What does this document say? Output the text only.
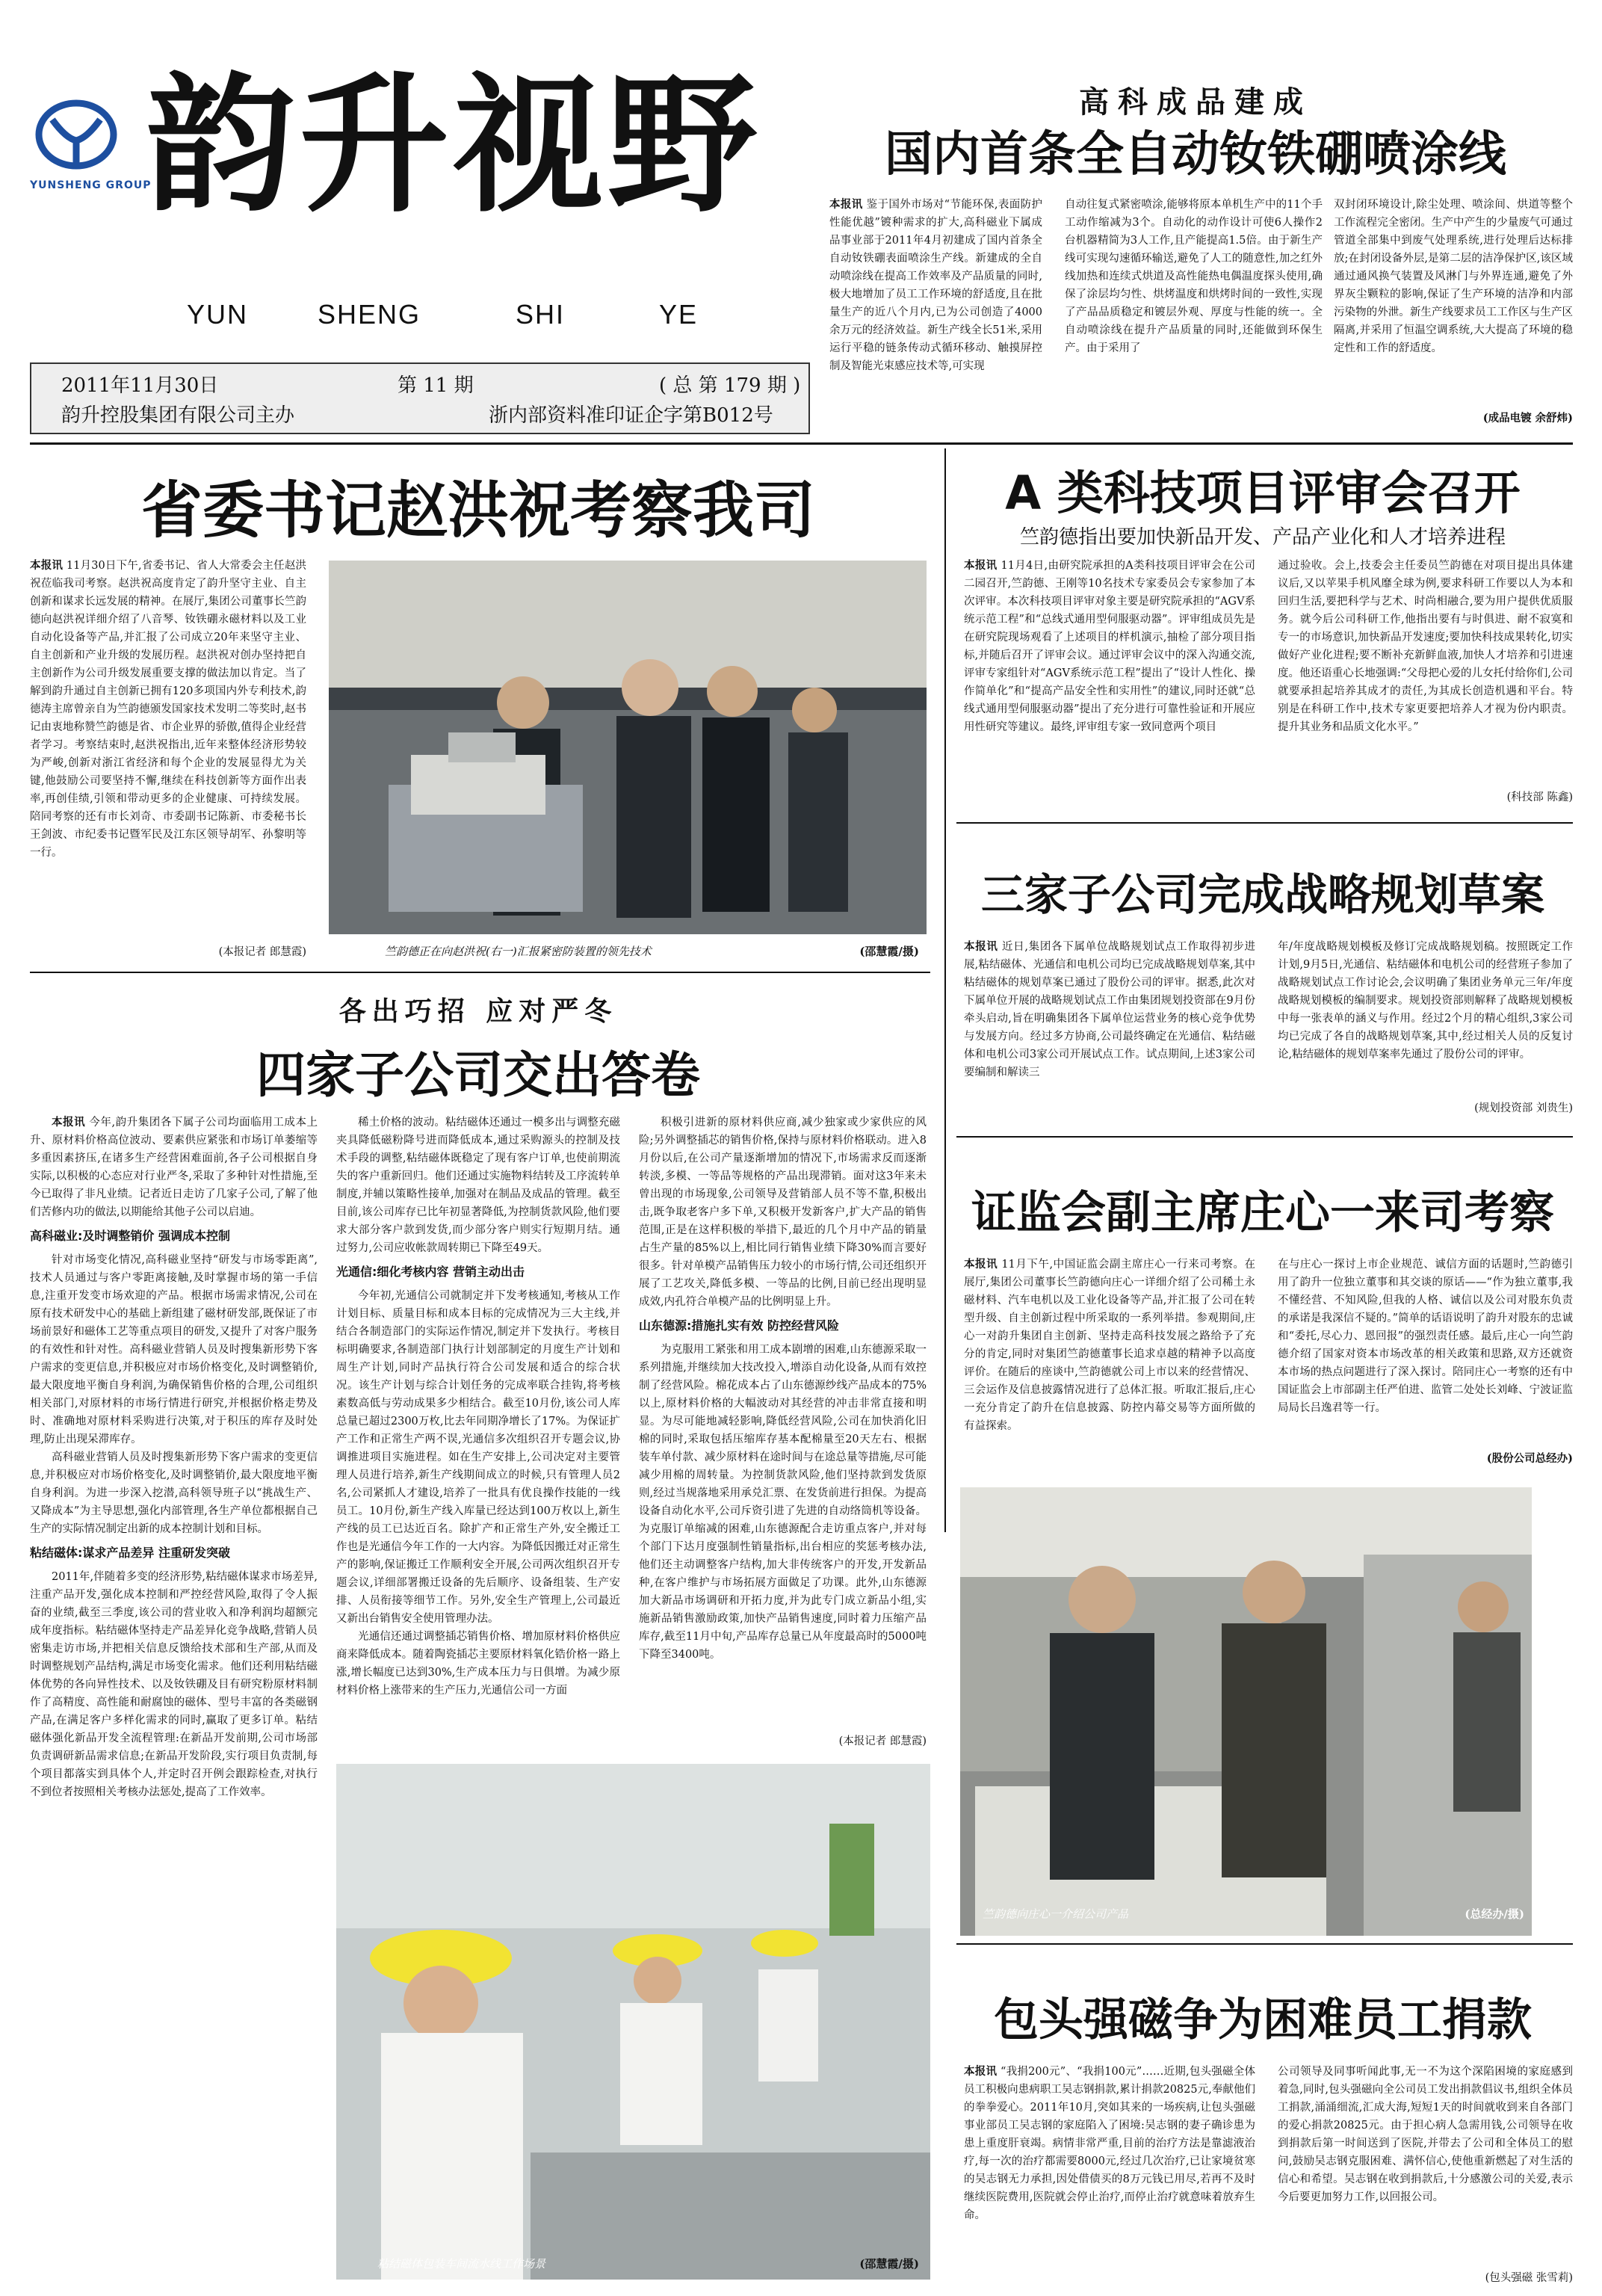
YUNSHENG GROUP
韵升视野
YUN	SHENG	SHI	YE
2011年11月30日	第 11 期	( 总 第 179 期 )
韵升控股集团有限公司主办	浙内部资料准印证企字第B012号
高科成品建成
国内首条全自动钕铁硼喷涂线
本报讯 鉴于国外市场对“节能环保,表面防护性能优越”镀种需求的扩大,高科磁业下属成品事业部于2011年4月初建成了国内首条全自动钕铁硼表面喷涂生产线。新建成的全自动喷涂线在提高工作效率及产品质量的同时,极大地增加了员工工作环境的舒适度,且在批量生产的近八个月内,已为公司创造了4000余万元的经济效益。新生产线全长51米,采用运行平稳的链条传动式循环移动、触摸屏控制及智能光束感应技术等,可实现
自动往复式紧密喷涂,能够将原本单机生产中的11个手工动作缩减为3个。自动化的动作设计可使6人操作2台机器精简为3人工作,且产能提高1.5倍。由于新生产线可实现勾速循环输送,避免了人工的随意性,加之红外线加热和连续式烘道及高性能热电偶温度探头使用,确保了涂层均匀性、烘烤温度和烘烤时间的一致性,实现了产品品质稳定和镀层外观、厚度与性能的统一。全自动喷涂线在提升产品质量的同时,还能做到环保生产。由于采用了
双封闭环境设计,除尘处理、喷涂间、烘道等整个工作流程完全密闭。生产中产生的少量废气可通过管道全部集中到废气处理系统,进行处理后达标排放;在封闭设备外层,是第二层的洁净保护区,该区域通过通风换气装置及风淋门与外界连通,避免了外界灰尘颗粒的影响,保证了生产环境的洁净和内部污染物的外泄。新生产线要求员工工作区与生产区隔离,并采用了恒温空调系统,大大提高了环境的稳定性和工作的舒适度。
(成品电镀 余舒炜)
省委书记赵洪祝考察我司
本报讯 11月30日下午,省委书记、省人大常委会主任赵洪祝莅临我司考察。赵洪祝高度肯定了韵升坚守主业、自主创新和谋求长远发展的精神。在展厅,集团公司董事长竺韵德向赵洪祝详细介绍了八音琴、钕铁硼永磁材料以及工业自动化设备等产品,并汇报了公司成立20年来坚守主业、自主创新和产业升级的发展历程。赵洪祝对创办坚持把自主创新作为公司升级发展重要支撑的做法加以肯定。当了解到韵升通过自主创新已拥有120多项国内外专利技术,韵德涛主席曾亲自为竺韵德颁发国家技术发明二等奖时,赵书记由衷地称赞竺韵德是省、市企业界的骄傲,值得企业经营者学习。考察结束时,赵洪祝指出,近年来整体经济形势较为严峻,创新对浙江省经济和每个企业的发展显得尤为关键,他鼓励公司要坚持不懈,继续在科技创新等方面作出表率,再创佳绩,引领和带动更多的企业健康、可持续发展。陪同考察的还有市长刘奇、市委副书记陈新、市委秘书长王剑波、市纪委书记暨军民及江东区领导胡军、孙黎明等一行。
(本报记者 郎慧霞)	竺韵德正在向赵洪祝(右一)汇报紧密防装置的领先技术	(邵慧霞/摄)
A 类科技项目评审会召开
竺韵德指出要加快新品开发、产品产业化和人才培养进程
本报讯 11月4日,由研究院承担的A类科技项目评审会在公司二园召开,竺韵德、王刚等10名技术专家委员会专家参加了本次评审。本次科技项目评审对象主要是研究院承担的“AGV系统示范工程”和“总线式通用型伺服驱动器”。评审组成员先是在研究院现场观看了上述项目的样机演示,抽检了部分项目指标,并随后召开了评审会议。通过评审会议中的深入沟通交流,评审专家组针对“AGV系统示范工程”提出了“设计人性化、操作简单化”和“提高产品安全性和实用性”的建议,同时还就“总线式通用型伺服驱动器”提出了充分进行可靠性验证和开展应用性研究等建议。最终,评审组专家一致同意两个项目
通过验收。会上,技委会主任委员竺韵德在对项目提出具体建议后,又以苹果手机风靡全球为例,要求科研工作要以人为本和回归生活,要把科学与艺术、时尚相融合,要为用户提供优质服务。就今后公司科研工作,他指出要有与时俱进、耐不寂寞和专一的市场意识,加快新品开发速度;要加快科技成果转化,切实做好产业化进程;要不断补充新鲜血液,加快人才培养和引进速度。他还语重心长地强调:“父母把心爱的儿女托付给你们,公司就要承担起培养其成才的责任,为其成长创造机遇和平台。特别是在科研工作中,技术专家更要把培养人才视为份内职责。提升其业务和品质文化水平。”
(科技部 陈鑫)
三家子公司完成战略规划草案
本报讯 近日,集团各下属单位战略规划试点工作取得初步进展,粘结磁体、光通信和电机公司均已完成战略规划草案,其中粘结磁体的规划草案已通过了股份公司的评审。据悉,此次对下属单位开展的战略规划试点工作由集团规划投资部在9月份牵头启动,旨在明确集团各下属单位运营业务的核心竞争优势与发展方向。经过多方协商,公司最终确定在光通信、粘结磁体和电机公司3家公司开展试点工作。试点期间,上述3家公司要编制和解读三
年/年度战略规划模板及修订完成战略规划稿。按照既定工作计划,9月5日,光通信、粘结磁体和电机公司的经营班子参加了战略规划试点工作讨论会,会议明确了集团业务单元三年/年度战略规划模板的编制要求。规划投资部则解释了战略规划模板中每一张表单的涵义与作用。经过2个月的精心组织,3家公司均已完成了各自的战略规划草案,其中,经过相关人员的反复讨论,粘结磁体的规划草案率先通过了股份公司的评审。
(规划投资部 刘贵生)
证监会副主席庄心一来司考察
本报讯 11月下午,中国证监会副主席庄心一行来司考察。在展厅,集团公司董事长竺韵德向庄心一详细介绍了公司稀土永磁材料、汽车电机以及工业化设备等产品,并汇报了公司在转型升级、自主创新过程中所采取的一系列举措。参观期间,庄心一对韵升集团自主创新、坚持走高科技发展之路给予了充分的肯定,同时对集团竺韵德董事长追求卓越的精神予以高度评价。在随后的座谈中,竺韵德就公司上市以来的经营情况、三会运作及信息披露情况进行了总体汇报。听取汇报后,庄心一充分肯定了韵升在信息披露、防控内幕交易等方面所做的有益探索。
在与庄心一探讨上市企业规范、诚信方面的话题时,竺韵德引用了韵升一位独立董事和其交谈的原话——“作为独立董事,我不懂经营、不知风险,但我的人格、诚信以及公司对股东负责的承诺是我深信不疑的。”简单的话语说明了韵升对股东的忠诚和“委托,尽心力、恩回报”的强烈责任感。最后,庄心一向竺韵德介绍了国家对资本市场改革的相关政策和思路,双方还就资本市场的热点问题进行了深入探讨。陪同庄心一考察的还有中国证监会上市部副主任严伯进、监管二处处长刘峰、宁波证监局局长吕逸君等一行。
(股份公司总经办)
竺韵德向庄心一介绍公司产品	(总经办/摄)
包头强磁争为困难员工捐款
本报讯 “我捐200元”、“我捐100元”……近期,包头强磁全体员工积极向患病职工吴志钢捐款,累计捐款20825元,奉献他们的拳拳爱心。2011年10月,突如其来的一场疾病,让包头强磁事业部员工吴志钢的家庭陷入了困境:吴志钢的妻子确诊患为患上重度肝衰竭。病情非常严重,目前的治疗方法是靠滤液治疗,每一次的治疗都需要8000元,经过几次治疗,已让家境贫寒的吴志钢无力承担,因处借债买的8万元钱已用尽,若再不及时继续医院费用,医院就会停止治疗,而停止治疗就意味着放弃生命。
公司领导及同事听闻此事,无一不为这个深陷困境的家庭感到着急,同时,包头强磁向全公司员工发出捐款倡议书,组织全体员工捐款,涌涌细流,汇成大海,短短1天的时间就收到来自各部门的爱心捐款20825元。由于担心病人急需用钱,公司领导在收到捐款后第一时间送到了医院,并带去了公司和全体员工的慰问,鼓励吴志钢克服困难、满怀信心,使他重新燃起了对生活的信心和希望。吴志钢在收到捐款后,十分感激公司的关爱,表示今后要更加努力工作,以回报公司。
(包头强磁 张雪莉)
各出巧招 应对严冬
四家子公司交出答卷

本报讯 今年,韵升集团各下属子公司均面临用工成本上升、原材料价格高位波动、要素供应紧张和市场订单萎缩等多重因素挤压,在诸多生产经营困难面前,各子公司根据自身实际,以积极的心态应对行业严冬,采取了多种针对性措施,至今已取得了非凡业绩。记者近日走访了几家子公司,了解了他们苦修内功的做法,以期能给其他子公司以启迪。

高科磁业:及时调整销价 强调成本控制

针对市场变化情况,高科磁业坚持“研发与市场零距离”,技术人员通过与客户零距离接触,及时掌握市场的第一手信息,注重开发变市场欢迎的产品。根据市场需求情况,公司在原有技术研发中心的基础上新组建了磁材研发部,既保证了市场前景好和磁体工艺等重点项目的研发,又提升了对客户服务的有效性和针对性。高科磁业营销人员及时搜集新形势下客户需求的变更信息,并积极应对市场价格变化,及时调整销价,最大限度地平衡自身利润,为确保销售价格的合理,公司组织相关部门,对原材料的市场行情进行研究,并根据价格走势及时、准确地对原材料采购进行决策,对于积压的库存及时处理,防止出现呆滞库存。

高科磁业营销人员及时搜集新形势下客户需求的变更信息,并积极应对市场价格变化,及时调整销价,最大限度地平衡自身利润。为进一步深入挖潜,高科领导班子以“挑战生产、又降成本”为主导思想,强化内部管理,各生产单位都根据自己生产的实际情况制定出新的成本控制计划和目标。

粘结磁体:谋求产品差异 注重研发突破

2011年,伴随着多变的经济形势,粘结磁体谋求市场差异,注重产品开发,强化成本控制和严控经营风险,取得了令人振奋的业绩,截至三季度,该公司的营业收入和净利润均超额完成年度指标。粘结磁体坚持走产品差异化竞争战略,营销人员密集走访市场,并把相关信息反馈给技术部和生产部,从而及时调整规划产品结构,满足市场变化需求。他们还利用粘结磁体优势的各向异性技术、以及钕铁硼及目有研究粉原材料制作了高精度、高性能和耐腐蚀的磁体、型号丰富的各类磁钢产品,在满足客户多样化需求的同时,赢取了更多订单。粘结磁体强化新品开发全流程管理:在新品开发前期,公司市场部负责调研新品需求信息;在新品开发阶段,实行项目负责制,每个项目都落实到具体个人,并定时召开例会跟踪检查,对执行不到位者按照相关考核办法惩处,提高了工作效率。

稀土价格的波动。粘结磁体还通过一模多出与调整充磁夹具降低磁粉降号进而降低成本,通过采购源头的控制及技术手段的调整,粘结磁体既稳定了现有客户订单,也使前期流失的客户重新回归。他们还通过实施物料结转及工序流转单制度,并辅以策略性接单,加强对在制品及成品的管理。截至目前,该公司库存已比年初显著降低,为控制货款风险,他们要求大部分客户款到发货,而少部分客户则实行短期月结。通过努力,公司应收帐款周转期已下降至49天。

光通信:细化考核内容 营销主动出击

今年初,光通信公司就制定并下发考核通知,考核从工作计划目标、质量目标和成本目标的完成情况为三大主线,并结合各制造部门的实际运作情况,制定并下发执行。考核目标明确要求,各制造部门执行计划部制定的月度生产计划和周生产计划,同时产品执行符合公司发展和适合的综合状况。该生产计划与综合计划任务的完成率联合挂钩,将考核素数高低与劳动成果多少相结合。截至10月份,该公司人库总量已超过2300万枚,比去年同期净增长了17%。为保证扩产工作和正常生产两不误,光通信多次组织召开专题会议,协调推进项目实施进程。如在生产安排上,公司决定对主要管理人员进行培养,新生产线期间成立的时候,只有管理人员2名,公司紧抓人才建设,培养了一批具有优良操作技能的一线员工。10月份,新生产线入库量已经达到100万枚以上,新生产线的员工已达近百名。除扩产和正常生产外,安全搬迁工作也是光通信今年工作的一大内容。为降低因搬迁对正常生产的影响,保证搬迁工作顺利安全开展,公司两次组织召开专题会议,详细部署搬迁设备的先后顺序、设备组装、生产安排、人员衔接等细节工作。另外,安全生产管理上,公司最近又新出台销售安全使用管理办法。

光通信还通过调整插芯销售价格、增加原材料价格供应商来降低成本。随着陶瓷插芯主要原材料氧化锆价格一路上涨,增长幅度已达到30%,生产成本压力与日俱增。为减少原材料价格上涨带来的生产压力,光通信公司一方面

积极引进新的原材料供应商,减少独家或少家供应的风险;另外调整插芯的销售价格,保持与原材料价格联动。进入8月份以后,在公司产量逐渐增加的情况下,市场需求反而逐渐转淡,多模、一等品等规格的产品出现滞销。面对这3年来未曾出现的市场现象,公司领导及营销部人员不等不靠,积极出击,既争取老客户多下单,又积极开发新客户,扩大产品的销售范围,正是在这样积极的举措下,最近的几个月中产品的销量占生产量的85%以上,相比同行销售业绩下降30%而言要好很多。针对单模产品销售压力较小的市场行情,公司还组织开展了工艺攻关,降低多模、一等品的比例,目前已经出现明显成效,内孔符合单模产品的比例明显上升。

山东德源:措施扎实有效 防控经营风险

为克服用工紧张和用工成本剧增的困难,山东德源采取一系列措施,并继续加大技改投入,增添自动化设备,从而有效控制了经营风险。棉花成本占了山东德源纱线产品成本的75%以上,原材料价格的大幅波动对其经营的冲击非常直接和明显。为尽可能地减轻影响,降低经营风险,公司在加快消化旧棉的同时,采取包括压缩库存基本配棉量至20天左右、根据装车单付款、减少原材料在途时间与在途总量等措施,尽可能减少用棉的周转量。为控制货款风险,他们坚持款到发货原则,经过当规落地采用承兑汇票、在发货前进行担保。为提高设备自动化水平,公司斥资引进了先进的自动络筒机等设备。为克服订单缩减的困难,山东德源配合走访重点客户,并对每个部门下达月度强制性销量指标,出台相应的奖惩考核办法,他们还主动调整客户结构,加大非传统客户的开发,开发新品种,在客户维护与市场拓展方面做足了功课。此外,山东德源加大新品市场调研和开拓力度,并为此专门成立新品小组,实施新品销售激励政策,加快产品销售速度,同时着力压缩产品库存,截至11月中旬,产品库存总量已从年度最高时的5000吨下降至3400吨。

(本报记者 郎慧霞)
粘结磁体包装车间流水线工作场景	(邵慧霞/摄)
